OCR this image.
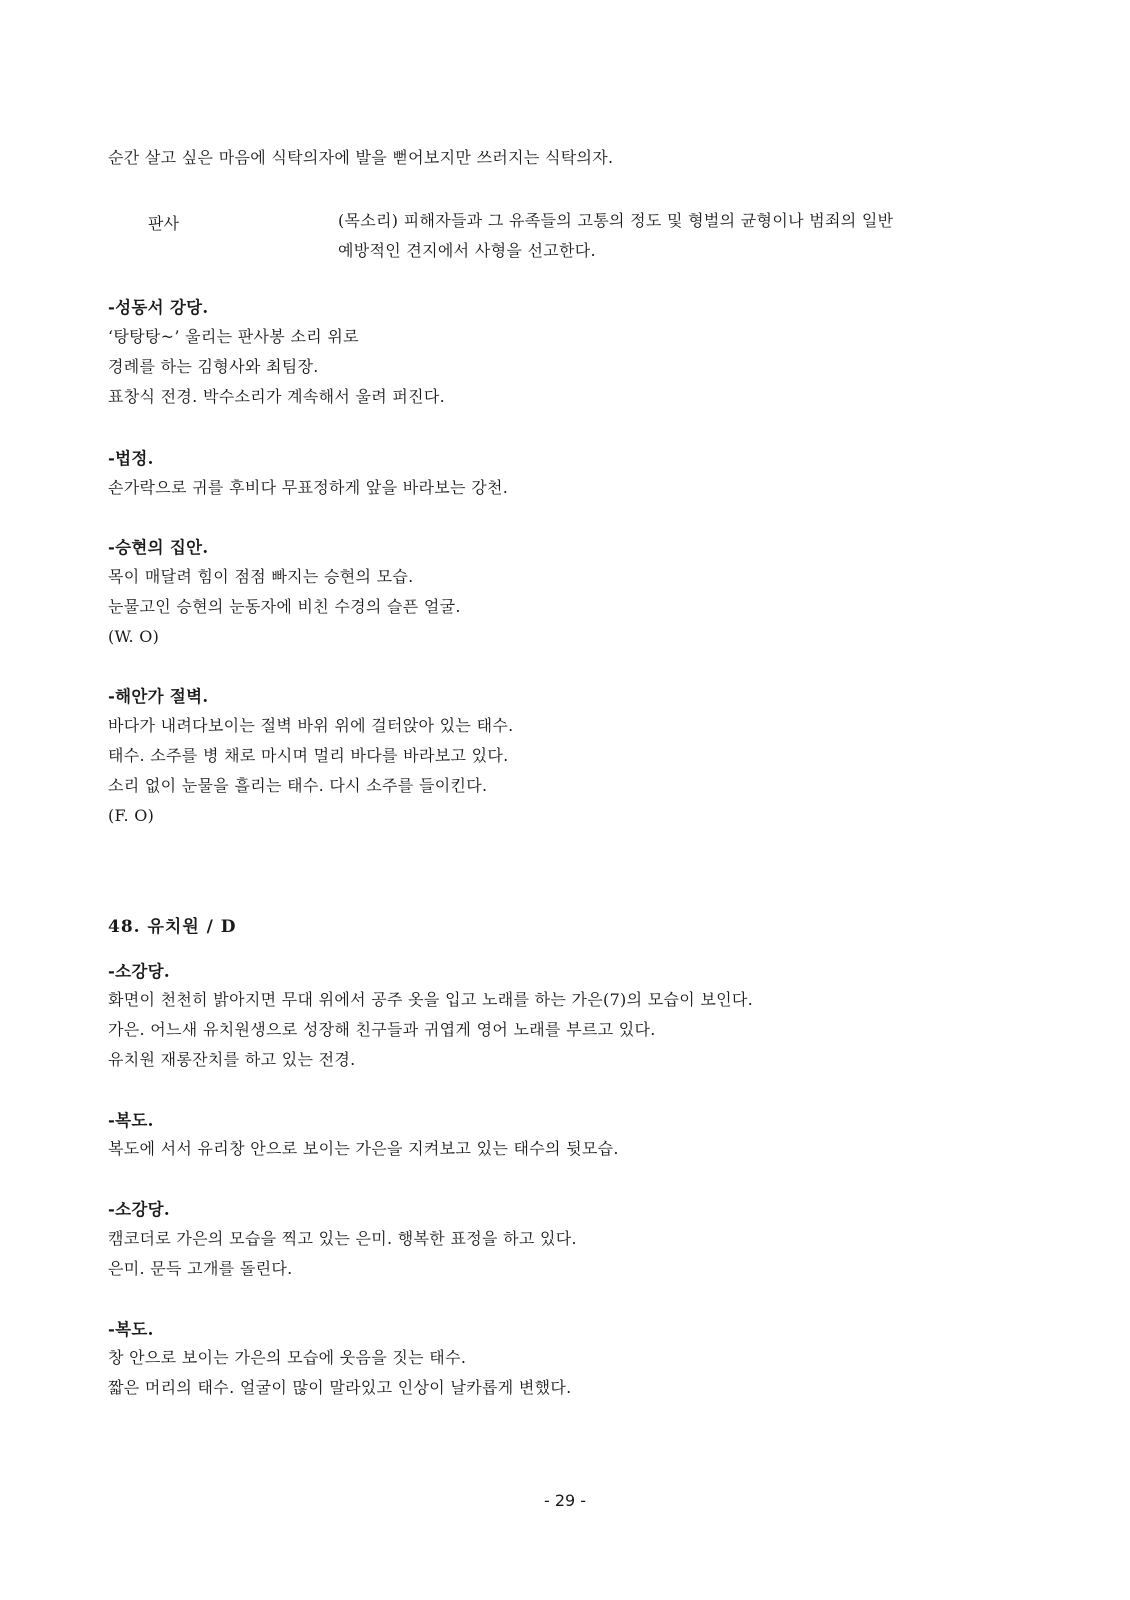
순간 살고 싶은 마음에 식탁의자에 발을 뻗어보지만 쓰러지는 식탁의자.
판사	(목소리) 피해자들과 그 유족들의 고통의 정도 및 형벌의 균형이나 범죄의 일반
예방적인 견지에서 사형을 선고한다.
-성동서 강당.
‘탕탕탕~’ 울리는 판사봉 소리 위로
경례를 하는 김형사와 최팀장.
표창식 전경. 박수소리가 계속해서 울려 퍼진다.
-법정.
손가락으로 귀를 후비다 무표정하게 앞을 바라보는 강천.
-승현의 집안.
목이 매달려 힘이 점점 빠지는 승현의 모습.
눈물고인 승현의 눈동자에 비친 수경의 슬픈 얼굴.
(W. O)
-해안가 절벽.
바다가 내려다보이는 절벽 바위 위에 걸터앉아 있는 태수.
태수. 소주를 병 채로 마시며 멀리 바다를 바라보고 있다.
소리 없이 눈물을 흘리는 태수. 다시 소주를 들이킨다.
(F. O)
48. 유치원 / D
-소강당.
화면이 천천히 밝아지면 무대 위에서 공주 옷을 입고 노래를 하는 가은(7)의 모습이 보인다.
가은. 어느새 유치원생으로 성장해 친구들과 귀엽게 영어 노래를 부르고 있다.
유치원 재롱잔치를 하고 있는 전경.
-복도.
복도에 서서 유리창 안으로 보이는 가은을 지켜보고 있는 태수의 뒷모습.
-소강당.
캠코더로 가은의 모습을 찍고 있는 은미. 행복한 표정을 하고 있다.
은미. 문득 고개를 돌린다.
-복도.
창 안으로 보이는 가은의 모습에 웃음을 짓는 태수.
짧은 머리의 태수. 얼굴이 많이 말라있고 인상이 날카롭게 변했다.
- 29 -
